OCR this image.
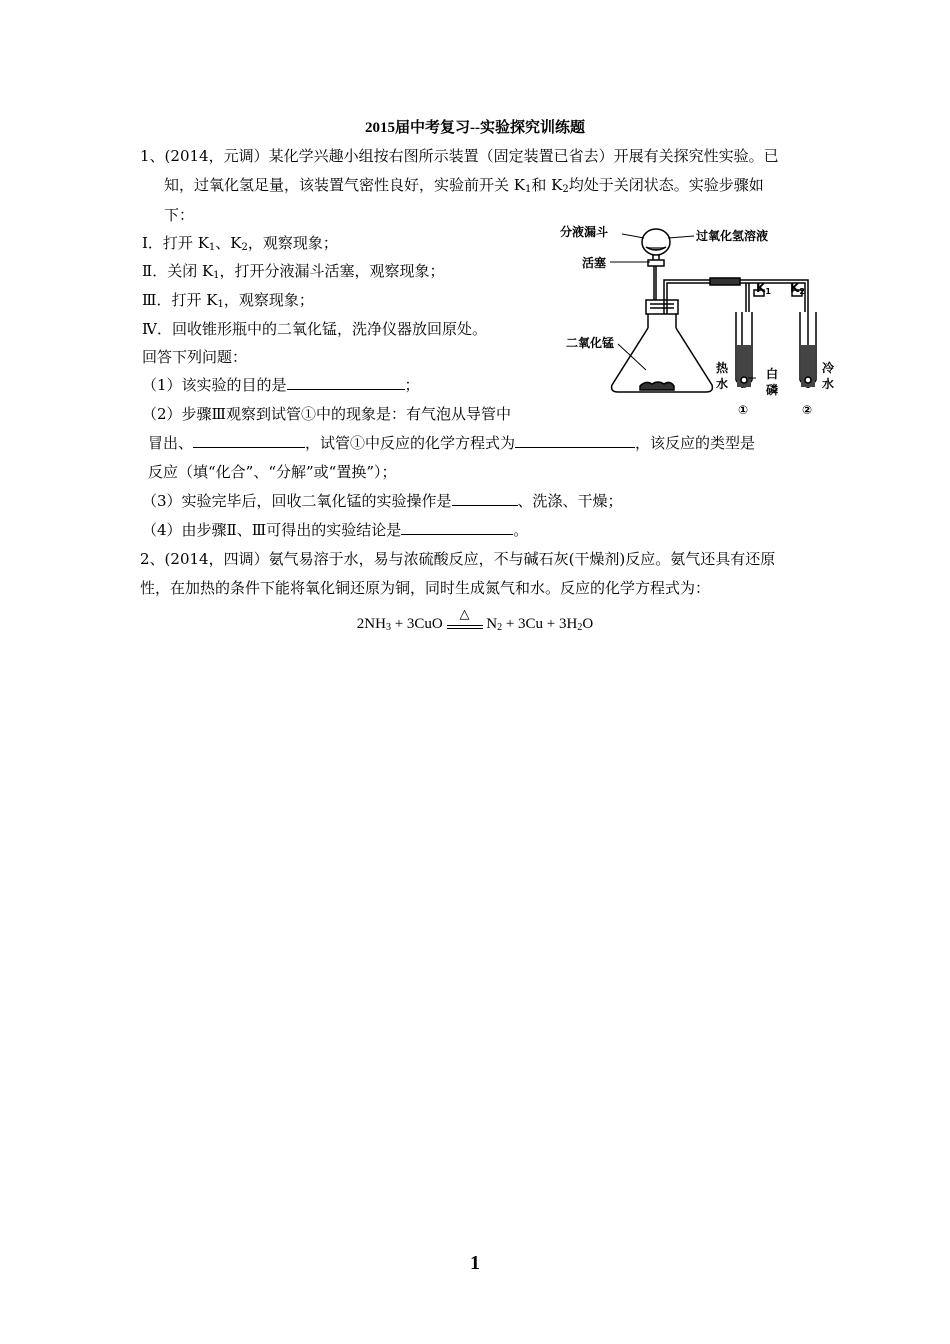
2015届中考复习--实验探究训练题
1、(2014，元调）某化学兴趣小组按右图所示装置（固定装置已省去）开展有关探究性实验。已
知，过氧化氢足量，该装置气密性良好，实验前开关 $K_1$和 $K_2$均处于关闭状态。实验步骤如
下：
Ⅰ．打开 $K_1$、$K_2$，观察现象；
Ⅱ．关闭 $K_1$，打开分液漏斗活塞，观察现象；
Ⅲ．打开 $K_1$，观察现象；
Ⅳ．回收锥形瓶中的二氧化锰，洗净仪器放回原处。
回答下列问题：
（1）该实验的目的是	；
（2）步骤Ⅲ观察到试管①中的现象是：有气泡从导管中
冒出、	，试管①中反应的化学方程式为	，该反应的类型是
反应（填“化合”、“分解”或“置换”）；
（3）实验完毕后，回收二氧化锰的实验操作是	、洗涤、干燥；
（4）由步骤Ⅱ、Ⅲ可得出的实验结论是	。
2、(2014，四调）氨气易溶于水，易与浓硫酸反应，不与碱石灰(干燥剂)反应。氨气还具有还原
性，在加热的条件下能将氧化铜还原为铜，同时生成氮气和水。反应的化学方程式为：
$2NH_3 + 3CuO$
△
$N_2 + 3Cu + 3H_2O$
分液漏斗	过氧化氢溶液
活塞
二氧化锰
K1 K2
热
水
白
磷
冷
水
①	②
1
